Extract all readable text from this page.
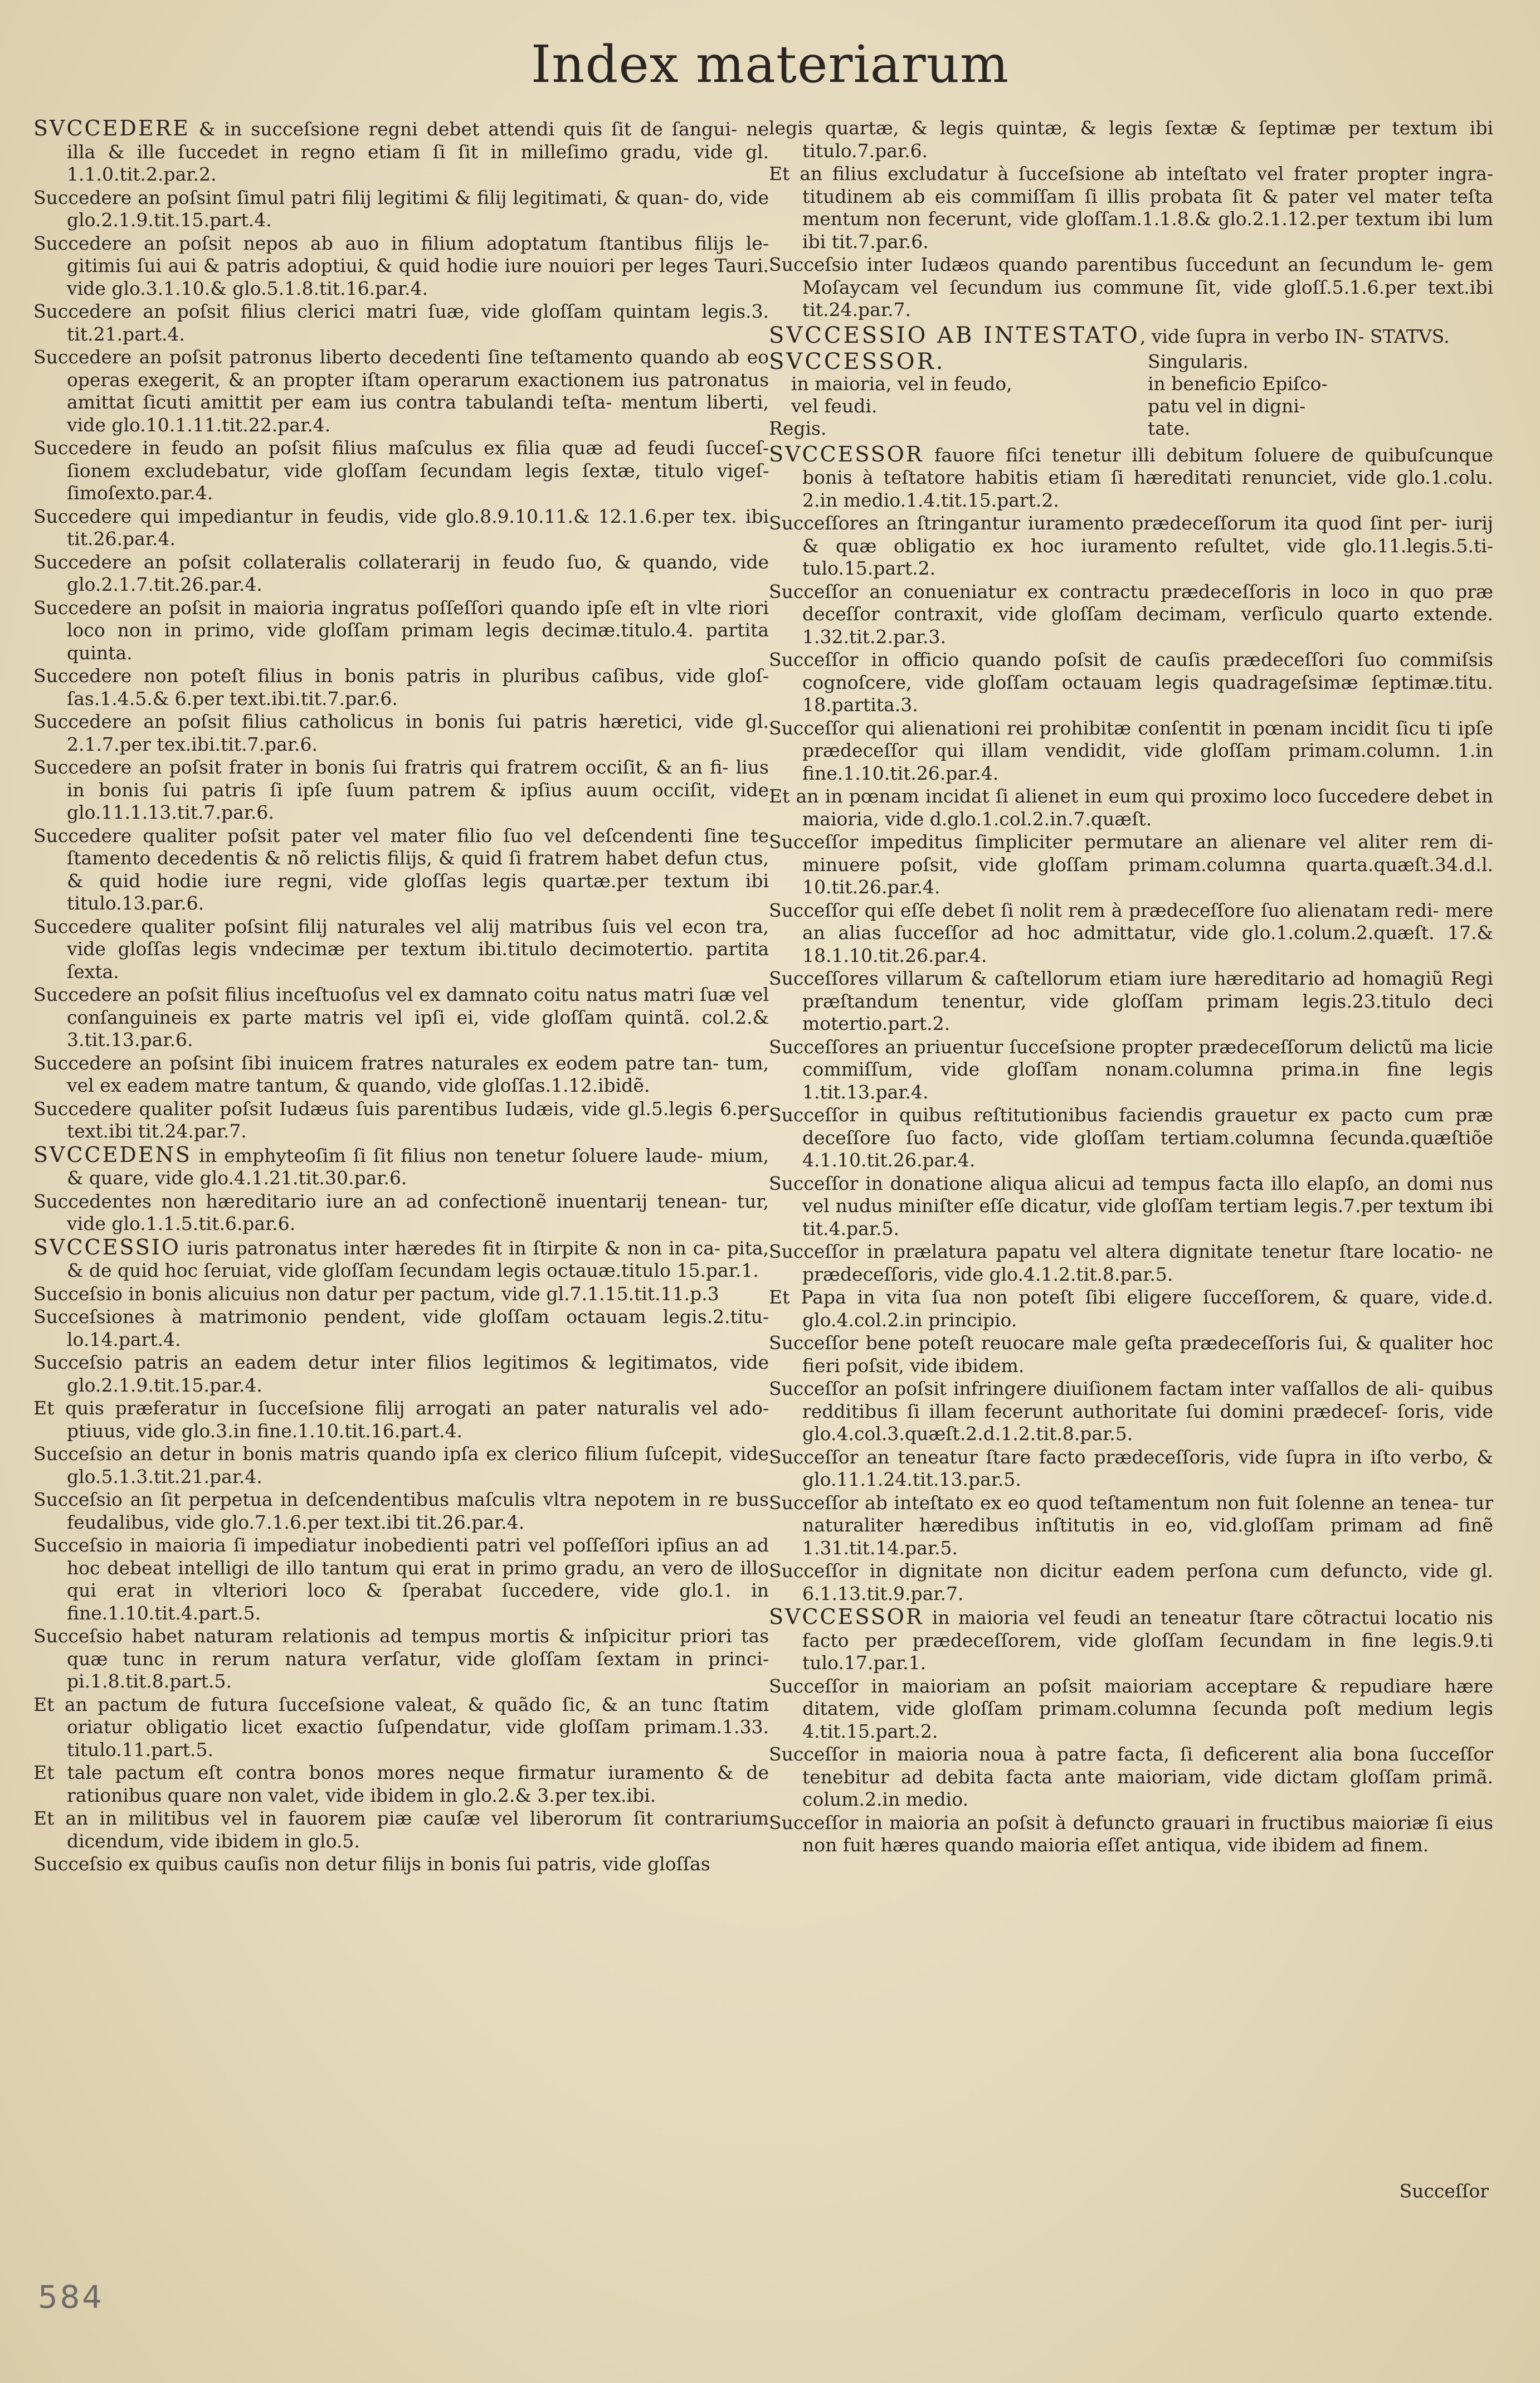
Index materiarum
SVCCEDERE & in succeſsione regni debet attendi quis ſit de ſangui- ne illa & ille ſuccedet in regno etiam ſi ſit in milleſimo gradu, vide gl. 1.1.0.tit.2.par.2.
Succedere an poſsint ſimul patri filij legitimi & filij legitimati, & quan- do, vide glo.2.1.9.tit.15.part.4.
Succedere an poſsit nepos ab auo in filium adoptatum ſtantibus filijs le- gitimis ſui aui & patris adoptiui, & quid hodie iure nouiori per leges Tauri. vide glo.3.1.10.& glo.5.1.8.tit.16.par.4.
Succedere an poſsit filius clerici matri ſuæ, vide gloſſam quintam legis.3. tit.21.part.4.
Succedere an poſsit patronus liberto decedenti ſine teſtamento quando ab eo operas exegerit, & an propter iſtam operarum exactionem ius patronatus amittat ſicuti amittit per eam ius contra tabulandi teſta- mentum liberti, vide glo.10.1.11.tit.22.par.4.
Succedere in feudo an poſsit filius maſculus ex filia quæ ad feudi ſucceſ- ſionem excludebatur, vide gloſſam ſecundam legis ſextæ, titulo vigeſ- ſimoſexto.par.4.
Succedere qui impediantur in feudis, vide glo.8.9.10.11.& 12.1.6.per tex. ibi tit.26.par.4.
Succedere an poſsit collateralis collaterarij in feudo ſuo, & quando, vide glo.2.1.7.tit.26.par.4.
Succedere an poſsit in maioria ingratus poſſeſſori quando ipſe eſt in vlte riori loco non in primo, vide gloſſam primam legis decimæ.titulo.4. partita quinta.
Succedere non poteſt filius in bonis patris in pluribus caſibus, vide gloſ- ſas.1.4.5.& 6.per text.ibi.tit.7.par.6.
Succedere an poſsit filius catholicus in bonis ſui patris hæretici, vide gl. 2.1.7.per tex.ibi.tit.7.par.6.
Succedere an poſsit frater in bonis ſui fratris qui fratrem occiſit, & an fi- lius in bonis ſui patris ſi ipſe ſuum patrem & ipſius auum occiſit, vide glo.11.1.13.tit.7.par.6.
Succedere qualiter poſsit pater vel mater filio ſuo vel deſcendenti ſine te ſtamento decedentis & nõ relictis filijs, & quid ſi fratrem habet defun ctus, & quid hodie iure regni, vide gloſſas legis quartæ.per textum ibi titulo.13.par.6.
Succedere qualiter poſsint filij naturales vel alij matribus ſuis vel econ tra, vide gloſſas legis vndecimæ per textum ibi.titulo decimotertio. partita ſexta.
Succedere an poſsit filius inceſtuoſus vel ex damnato coitu natus matri ſuæ vel conſanguineis ex parte matris vel ipſi ei, vide gloſſam quintã. col.2.& 3.tit.13.par.6.
Succedere an poſsint ſibi inuicem fratres naturales ex eodem patre tan- tum, vel ex eadem matre tantum, & quando, vide gloſſas.1.12.ibidẽ.
Succedere qualiter poſsit Iudæus ſuis parentibus Iudæis, vide gl.5.legis 6.per text.ibi tit.24.par.7.
SVCCEDENS in emphyteoſim ſi ſit filius non tenetur ſoluere laude- mium, & quare, vide glo.4.1.21.tit.30.par.6.
Succedentes non hæreditario iure an ad confectionẽ inuentarij tenean- tur, vide glo.1.1.5.tit.6.par.6.
SVCCESSIO iuris patronatus inter hæredes fit in ſtirpite & non in ca- pita, & de quid hoc ſeruiat, vide gloſſam ſecundam legis octauæ.titulo 15.par.1.
Succeſsio in bonis alicuius non datur per pactum, vide gl.7.1.15.tit.11.p.3
Succeſsiones à matrimonio pendent, vide gloſſam octauam legis.2.titu- lo.14.part.4.
Succeſsio patris an eadem detur inter filios legitimos & legitimatos, vide glo.2.1.9.tit.15.par.4.
Et quis præferatur in ſucceſsione filij arrogati an pater naturalis vel ado- ptiuus, vide glo.3.in fine.1.10.tit.16.part.4.
Succeſsio an detur in bonis matris quando ipſa ex clerico filium ſuſcepit, vide glo.5.1.3.tit.21.par.4.
Succeſsio an ſit perpetua in deſcendentibus maſculis vltra nepotem in re bus feudalibus, vide glo.7.1.6.per text.ibi tit.26.par.4.
Succeſsio in maioria ſi impediatur inobedienti patri vel poſſeſſori ipſius an ad hoc debeat intelligi de illo tantum qui erat in primo gradu, an vero de illo qui erat in vlteriori loco & ſperabat ſuccedere, vide glo.1. in fine.1.10.tit.4.part.5.
Succeſsio habet naturam relationis ad tempus mortis & inſpicitur priori tas quæ tunc in rerum natura verſatur, vide gloſſam ſextam in princi- pi.1.8.tit.8.part.5.
Et an pactum de futura ſucceſsione valeat, & quãdo ſic, & an tunc ſtatim oriatur obligatio licet exactio ſuſpendatur, vide gloſſam primam.1.33. titulo.11.part.5.
Et tale pactum eſt contra bonos mores neque firmatur iuramento & de rationibus quare non valet, vide ibidem in glo.2.& 3.per tex.ibi.
Et an in militibus vel in fauorem piæ cauſæ vel liberorum ſit contrarium dicendum, vide ibidem in glo.5.
Succeſsio ex quibus cauſis non detur filijs in bonis ſui patris, vide gloſſas
legis quartæ, & legis quintæ, & legis ſextæ & ſeptimæ per textum ibi titulo.7.par.6.
Et an filius excludatur à ſucceſsione ab inteſtato vel frater propter ingra- titudinem ab eis commiſſam ſi illis probata ſit & pater vel mater teſta mentum non fecerunt, vide gloſſam.1.1.8.& glo.2.1.12.per textum ibi lum ibi tit.7.par.6.
Succeſsio inter Iudæos quando parentibus ſuccedunt an ſecundum le- gem Moſaycam vel ſecundum ius commune ſit, vide gloſſ.5.1.6.per text.ibi tit.24.par.7.
SVCCESSIO AB INTESTATO, vide ſupra in verbo IN- STATVS.
SVCCESSOR.
in maioria, vel in feudo,
vel feudi.
Regis.
Singularis.
in beneficio Epiſco-
patu vel in digni-
tate.
SVCCESSOR fauore fiſci tenetur illi debitum ſoluere de quibuſcunque bonis à teſtatore habitis etiam ſi hæreditati renunciet, vide glo.1.colu. 2.in medio.1.4.tit.15.part.2.
Succeſſores an ſtringantur iuramento prædeceſſorum ita quod ſint per- iurij & quæ obligatio ex hoc iuramento reſultet, vide glo.11.legis.5.ti- tulo.15.part.2.
Succeſſor an conueniatur ex contractu prædeceſſoris in loco in quo præ deceſſor contraxit, vide gloſſam decimam, verſiculo quarto extende. 1.32.tit.2.par.3.
Succeſſor in officio quando poſsit de cauſis prædeceſſori ſuo commiſsis cognoſcere, vide gloſſam octauam legis quadrageſsimæ ſeptimæ.titu. 18.partita.3.
Succeſſor qui alienationi rei prohibitæ conſentit in pœnam incidit ſicu ti ipſe prædeceſſor qui illam vendidit, vide gloſſam primam.column. 1.in fine.1.10.tit.26.par.4.
Et an in pœnam incidat ſi alienet in eum qui proximo loco ſuccedere debet in maioria, vide d.glo.1.col.2.in.7.quæſt.
Succeſſor impeditus ſimpliciter permutare an alienare vel aliter rem di- minuere poſsit, vide gloſſam primam.columna quarta.quæſt.34.d.l. 10.tit.26.par.4.
Succeſſor qui eſſe debet ſi nolit rem à prædeceſſore ſuo alienatam redi- mere an alias ſucceſſor ad hoc admittatur, vide glo.1.colum.2.quæſt. 17.& 18.1.10.tit.26.par.4.
Succeſſores villarum & caſtellorum etiam iure hæreditario ad homagiũ Regi præſtandum tenentur, vide gloſſam primam legis.23.titulo deci motertio.part.2.
Succeſſores an priuentur ſucceſsione propter prædeceſſorum delictũ ma licie commiſſum, vide gloſſam nonam.columna prima.in fine legis 1.tit.13.par.4.
Succeſſor in quibus reſtitutionibus faciendis grauetur ex pacto cum præ deceſſore ſuo facto, vide gloſſam tertiam.columna ſecunda.quæſtiõe 4.1.10.tit.26.par.4.
Succeſſor in donatione aliqua alicui ad tempus facta illo elapſo, an domi nus vel nudus miniſter eſſe dicatur, vide gloſſam tertiam legis.7.per textum ibi tit.4.par.5.
Succeſſor in prælatura papatu vel altera dignitate tenetur ſtare locatio- ne prædeceſſoris, vide glo.4.1.2.tit.8.par.5.
Et Papa in vita ſua non poteſt ſibi eligere ſucceſſorem, & quare, vide.d. glo.4.col.2.in principio.
Succeſſor bene poteſt reuocare male geſta prædeceſſoris ſui, & qualiter hoc fieri poſsit, vide ibidem.
Succeſſor an poſsit infringere diuiſionem factam inter vaſſallos de ali- quibus redditibus ſi illam fecerunt authoritate ſui domini prædeceſ- ſoris, vide glo.4.col.3.quæſt.2.d.1.2.tit.8.par.5.
Succeſſor an teneatur ſtare facto prædeceſſoris, vide ſupra in iſto verbo, & glo.11.1.24.tit.13.par.5.
Succeſſor ab inteſtato ex eo quod teſtamentum non fuit ſolenne an tenea- tur naturaliter hæredibus inſtitutis in eo, vid.gloſſam primam ad finẽ 1.31.tit.14.par.5.
Succeſſor in dignitate non dicitur eadem perſona cum defuncto, vide gl. 6.1.13.tit.9.par.7.
SVCCESSOR in maioria vel feudi an teneatur ſtare cõtractui locatio nis facto per prædeceſſorem, vide gloſſam ſecundam in fine legis.9.ti tulo.17.par.1.
Succeſſor in maioriam an poſsit maioriam acceptare & repudiare hære ditatem, vide gloſſam primam.columna ſecunda poſt medium legis 4.tit.15.part.2.
Succeſſor in maioria noua à patre facta, ſi deficerent alia bona ſucceſſor tenebitur ad debita facta ante maioriam, vide dictam gloſſam primã. colum.2.in medio.
Succeſſor in maioria an poſsit à defuncto grauari in fructibus maioriæ ſi eius non fuit hæres quando maioria eſſet antiqua, vide ibidem ad finem.
Succeſſor
584
